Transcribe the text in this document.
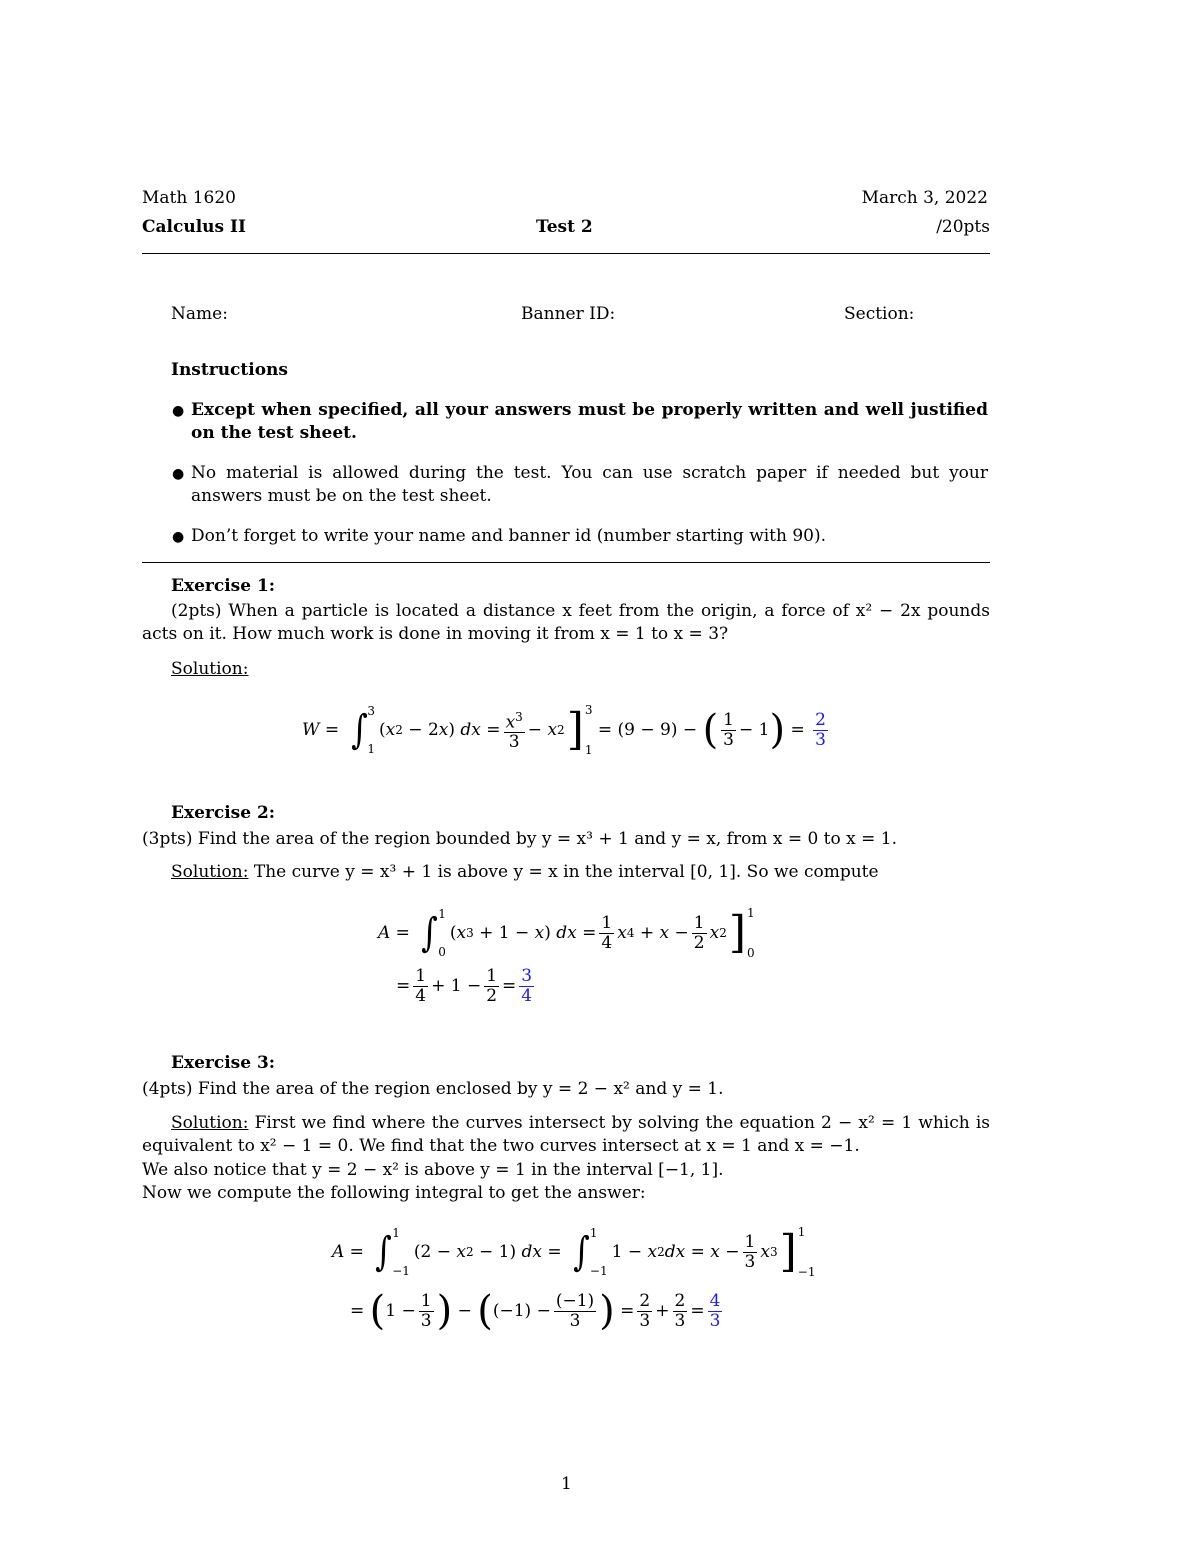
Math 1620	March 3, 2022
Calculus II	Test 2	/20pts
Name:	Banner ID:	Section:
Instructions
● Except when specified, all your answers must be properly written and well justified on the test sheet.
● No material is allowed during the test. You can use scratch paper if needed but your answers must be on the test sheet.
● Don’t forget to write your name and banner id (number starting with 90).
Exercise 1:
(2pts) When a particle is located a distance x feet from the origin, a force of x² − 2x pounds acts on it. How much work is done in moving it from x = 1 to x = 3?
Solution:
W = ∫ 3
1
( x 2 − 2 x ) dx = $\frac{x^3}{3} - x$ 2 ] 3
1
= (9 − 9) − ( $\frac{1}{3} - 1$ ) = $\frac{2}{3}$
Exercise 2:
(3pts) Find the area of the region bounded by y = x³ + 1 and y = x, from x = 0 to x = 1.
Solution: The curve y = x³ + 1 is above y = x in the interval [0, 1]. So we compute
A = ∫ 1
0
( x 3 + 1 − x ) dx = $\frac{1}{4}$ x $4 + x - \frac{1}{2}$ x 2 ] 1
0
= $\frac{1}{4} + 1 - \frac{1}{2} = \frac{3}{4}$
Exercise 3:
(4pts) Find the area of the region enclosed by y = 2 − x² and y = 1.
Solution: First we find where the curves intersect by solving the equation 2 − x² = 1 which is equivalent to x² − 1 = 0. We find that the two curves intersect at x = 1 and x = −1.
We also notice that y = 2 − x² is above y = 1 in the interval [−1, 1].
Now we compute the following integral to get the answer:
A = ∫ 1
−1
(2 − x 2 − 1) dx = ∫ 1
−1
1 − x 2 dx = $x - \frac{1}{3}$ x 3 ] 1
−1
= ( $1 - \frac{1}{3}$ ) − ( $(-1) - \frac{(-1)}{3}$ ) = $\frac{2}{3} + \frac{2}{3} = \frac{4}{3}$
1
